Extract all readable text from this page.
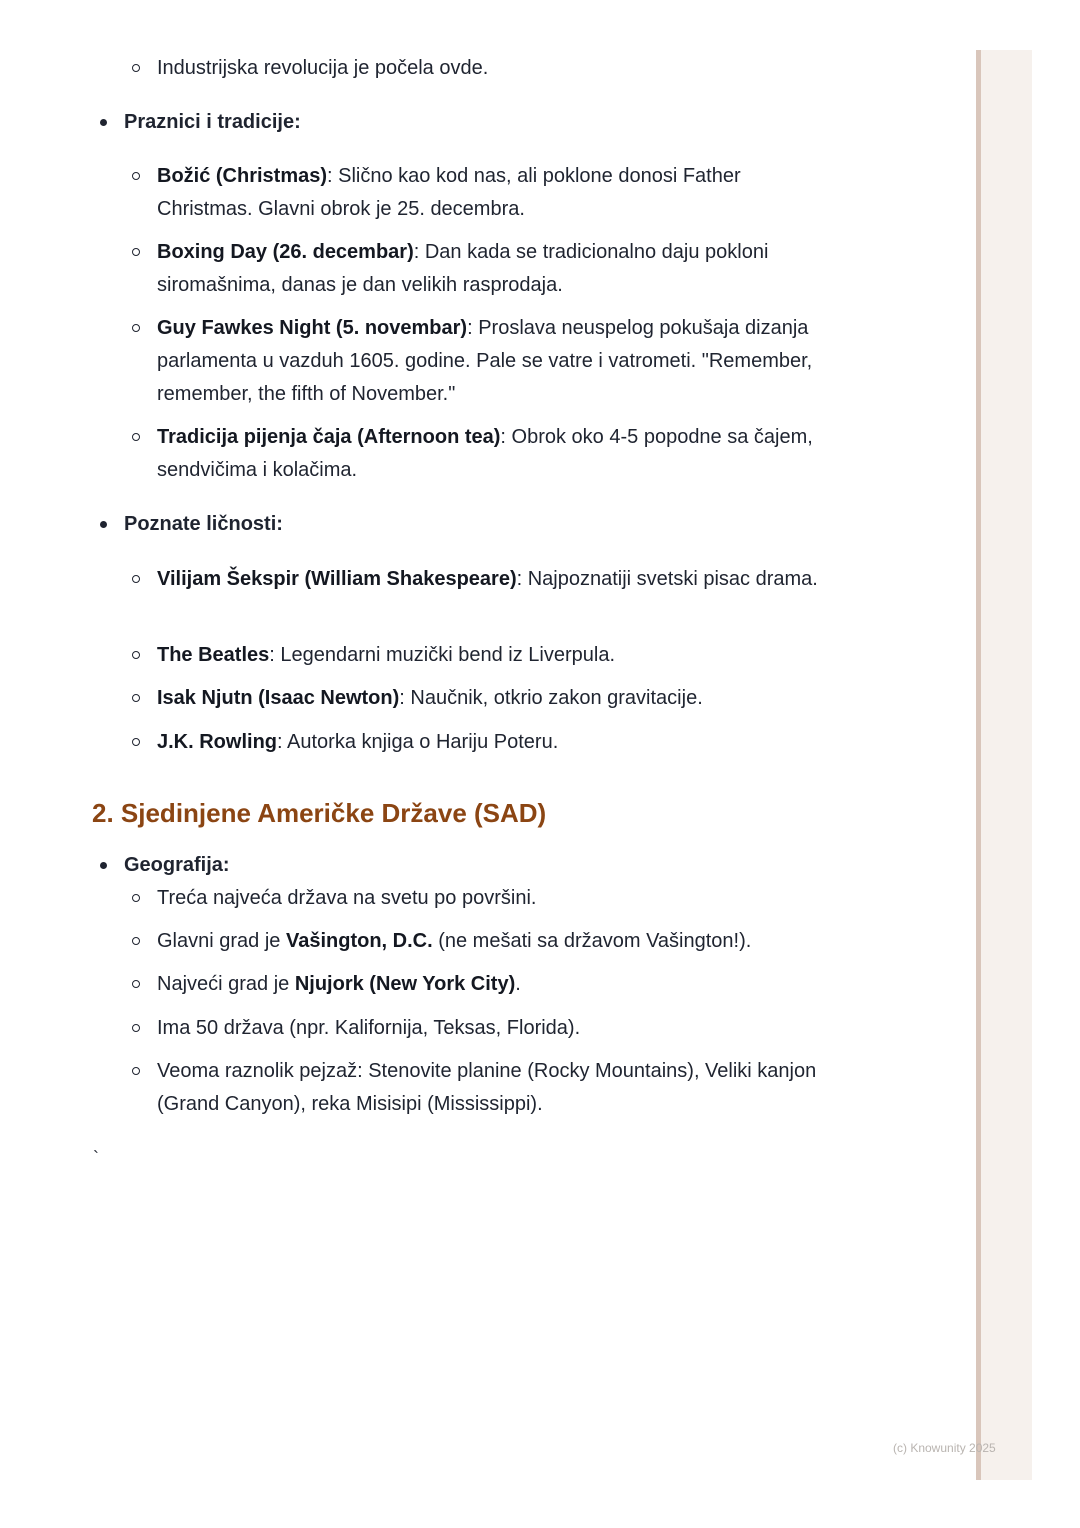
Industrijska revolucija je počela ovde.

Praznici i tradicije:

Božić (Christmas): Slično kao kod nas, ali poklone donosi Father Christmas. Glavni obrok je 25. decembra.

Boxing Day (26. decembar): Dan kada se tradicionalno daju pokloni siromašnima, danas je dan velikih rasprodaja.

Guy Fawkes Night (5. novembar): Proslava neuspelog pokušaja dizanja parlamenta u vazduh 1605. godine. Pale se vatre i vatrometi. "Remember, remember, the fifth of November."

Tradicija pijenja čaja (Afternoon tea): Obrok oko 4-5 popodne sa čajem, sendvičima i kolačima.

Poznate ličnosti:

Vilijam Šekspir (William Shakespeare): Najpoznatiji svetski pisac drama.

The Beatles: Legendarni muzički bend iz Liverpula.

Isak Njutn (Isaac Newton): Naučnik, otkrio zakon gravitacije.

J.K. Rowling: Autorka knjiga o Hariju Poteru.

2. Sjedinjene Američke Države (SAD)

Geografija:

Treća najveća država na svetu po površini.

Glavni grad je Vašington, D.C. (ne mešati sa državom Vašington!).

Najveći grad je Njujork (New York City).

Ima 50 država (npr. Kalifornija, Teksas, Florida).

Veoma raznolik pejzaž: Stenovite planine (Rocky Mountains), Veliki kanjon (Grand Canyon), reka Misisipi (Mississippi).

`
(c) Knowunity 2025
